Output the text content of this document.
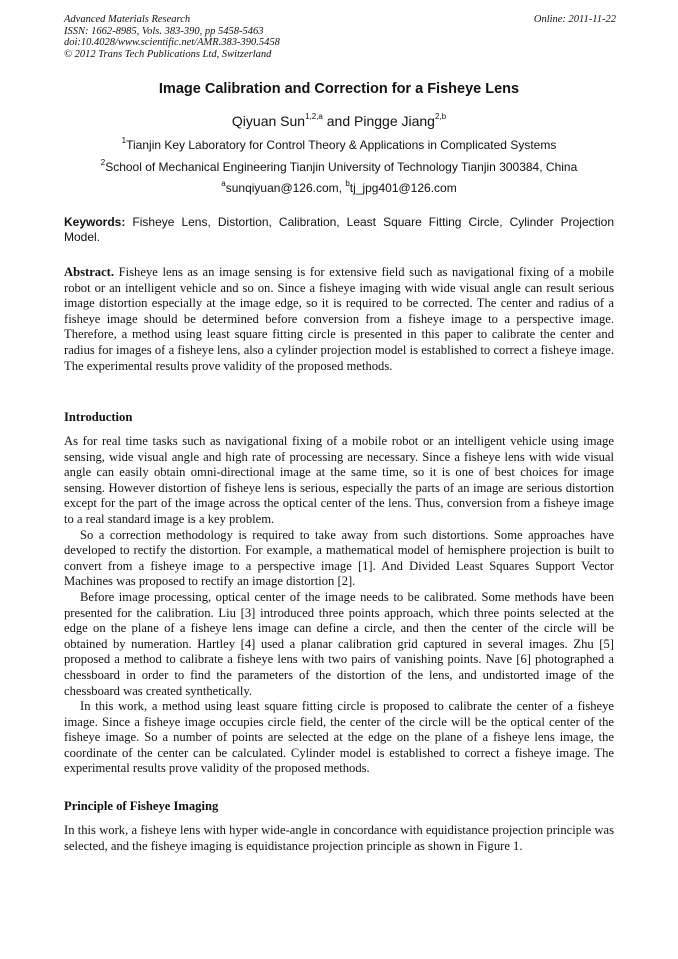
Advanced Materials Research
ISSN: 1662-8985, Vols. 383-390, pp 5458-5463
doi:10.4028/www.scientific.net/AMR.383-390.5458
© 2012 Trans Tech Publications Ltd, Switzerland
Online: 2011-11-22
Image Calibration and Correction for a Fisheye Lens
Qiyuan Sun$^{1,2,a}$ and Pingge Jiang$^{2,b}$
$^1$Tianjin Key Laboratory for Control Theory & Applications in Complicated Systems
$^2$School of Mechanical Engineering Tianjin University of Technology Tianjin 300384, China
$^a$sunqiyuan@126.com, $^b$tj_jpg401@126.com
Keywords: Fisheye Lens, Distortion, Calibration, Least Square Fitting Circle, Cylinder Projection Model.

Abstract. Fisheye lens as an image sensing is for extensive field such as navigational fixing of a mobile robot or an intelligent vehicle and so on. Since a fisheye imaging with wide visual angle can result serious image distortion especially at the image edge, so it is required to be corrected. The center and radius of a fisheye image should be determined before conversion from a fisheye image to a perspective image. Therefore, a method using least square fitting circle is presented in this paper to calibrate the center and radius for images of a fisheye lens, also a cylinder projection model is established to correct a fisheye image. The experimental results prove validity of the proposed methods.

Introduction

As for real time tasks such as navigational fixing of a mobile robot or an intelligent vehicle using image sensing, wide visual angle and high rate of processing are necessary. Since a fisheye lens with wide visual angle can easily obtain omni-directional image at the same time, so it is one of best choices for image sensing. However distortion of fisheye lens is serious, especially the parts of an image are serious distortion except for the part of the image across the optical center of the lens. Thus, conversion from a fisheye image to a real standard image is a key problem.

So a correction methodology is required to take away from such distortions. Some approaches have developed to rectify the distortion. For example, a mathematical model of hemisphere projection is built to convert from a fisheye image to a perspective image [1]. And Divided Least Squares Support Vector Machines was proposed to rectify an image distortion [2].

Before image processing, optical center of the image needs to be calibrated. Some methods have been presented for the calibration. Liu [3] introduced three points approach, which three points selected at the edge on the plane of a fisheye lens image can define a circle, and then the center of the circle will be obtained by numeration. Hartley [4] used a planar calibration grid captured in several images. Zhu [5] proposed a method to calibrate a fisheye lens with two pairs of vanishing points. Nave [6] photographed a chessboard in order to find the parameters of the distortion of the lens, and undistorted image of the chessboard was created synthetically.

In this work, a method using least square fitting circle is proposed to calibrate the center of a fisheye image. Since a fisheye image occupies circle field, the center of the circle will be the optical center of the fisheye image. So a number of points are selected at the edge on the plane of a fisheye lens image, the coordinate of the center can be calculated. Cylinder model is established to correct a fisheye image. The experimental results prove validity of the proposed methods.

Principle of Fisheye Imaging

In this work, a fisheye lens with hyper wide-angle in concordance with equidistance projection principle was selected, and the fisheye imaging is equidistance projection principle as shown in Figure 1.
